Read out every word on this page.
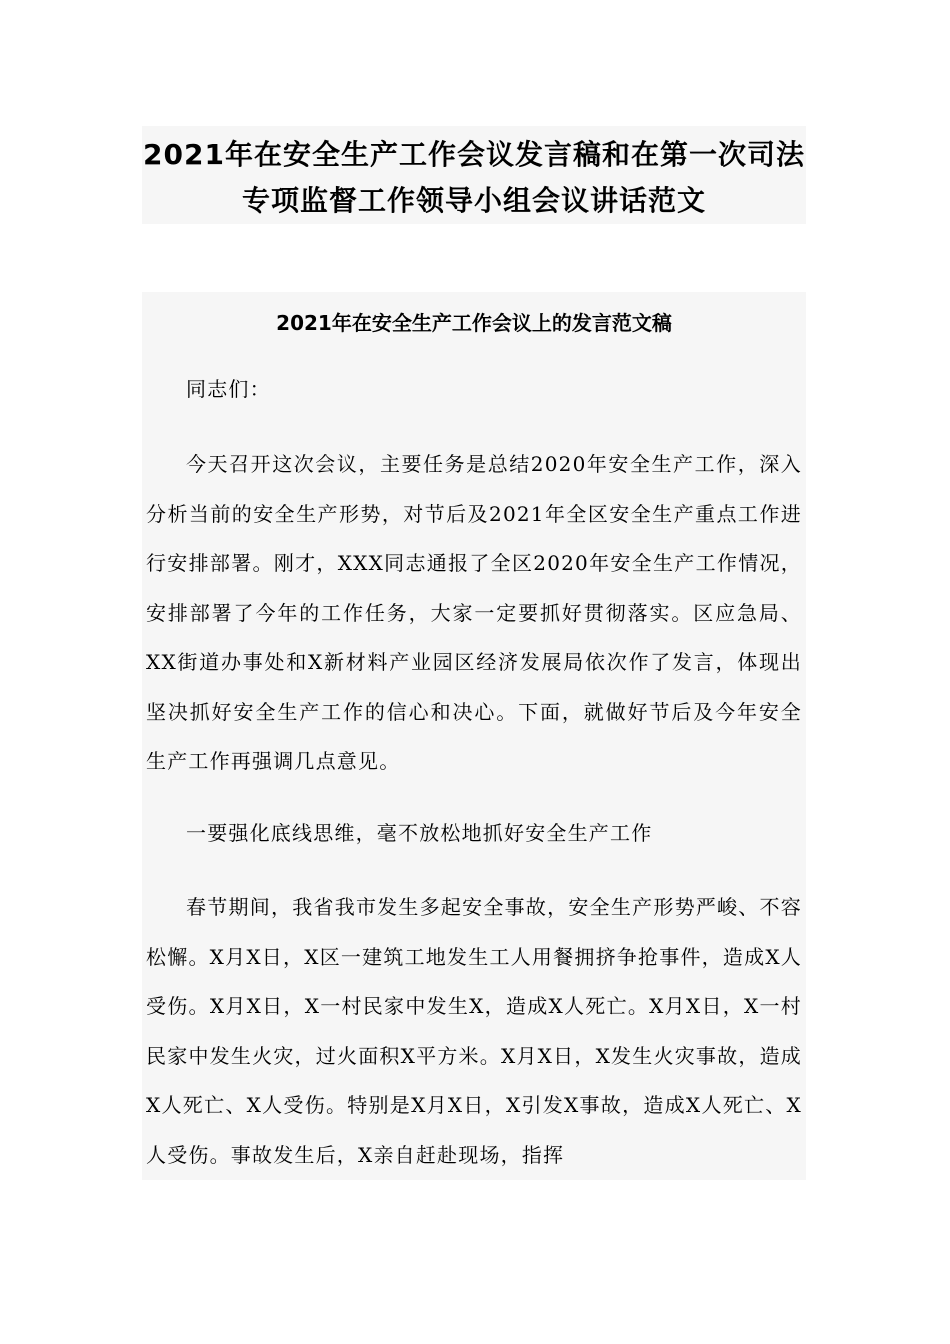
2021年在安全生产工作会议发言稿和在第一次司法
专项监督工作领导小组会议讲话范文
2021年在安全生产工作会议上的发言范文稿

同志们：

今天召开这次会议，主要任务是总结2020年安全生产工作，深入分析当前的安全生产形势，对节后及2021年全区安全生产重点工作进行安排部署。刚才，XXX同志通报了全区2020年安全生产工作情况，安排部署了今年的工作任务，大家一定要抓好贯彻落实。区应急局、XX街道办事处和X新材料产业园区经济发展局依次作了发言，体现出坚决抓好安全生产工作的信心和决心。下面，就做好节后及今年安全生产工作再强调几点意见。

一要强化底线思维，毫不放松地抓好安全生产工作

春节期间，我省我市发生多起安全事故，安全生产形势严峻、不容松懈。X月X日，X区一建筑工地发生工人用餐拥挤争抢事件，造成X人受伤。X月X日，X一村民家中发生X，造成X人死亡。X月X日，X一村民家中发生火灾，过火面积X平方米。X月X日，X发生火灾事故，造成X人死亡、X人受伤。特别是X月X日，X引发X事故，造成X人死亡、X人受伤。事故发生后，X亲自赶赴现场，指挥
